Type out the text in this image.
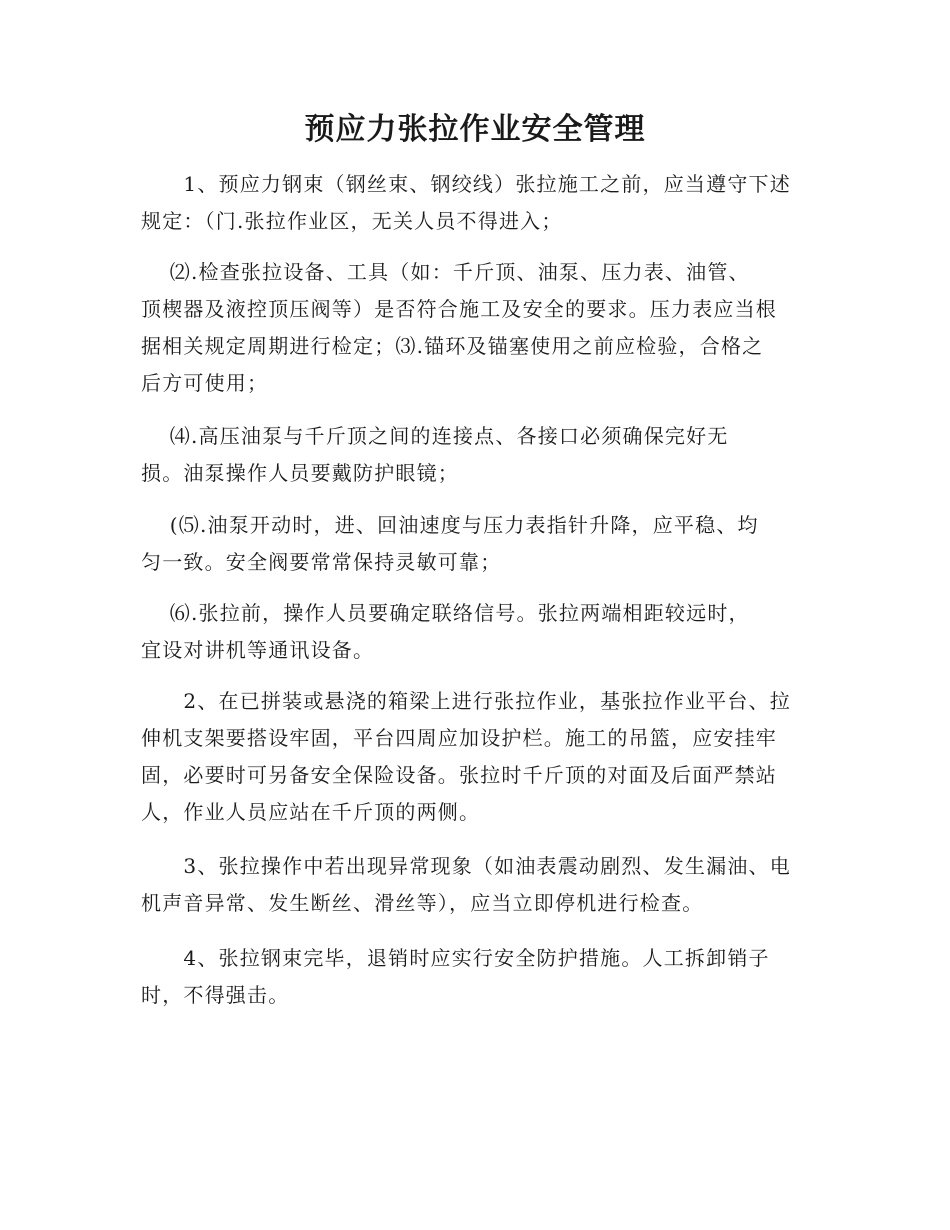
预应力张拉作业安全管理

　　1、预应力钢束（钢丝束、钢绞线）张拉施工之前，应当遵守下述
规定：（门.张拉作业区，无关人员不得进入；

　 ⑵.检查张拉设备、工具（如：千斤顶、油泵、压力表、油管、
顶楔器及液控顶压阀等）是否符合施工及安全的要求。压力表应当根
据相关规定周期进行检定；⑶.锚环及锚塞使用之前应检验，合格之
后方可使用；

　 ⑷.高压油泵与千斤顶之间的连接点、各接口必须确保完好无
损。油泵操作人员要戴防护眼镜；

　 (⑸.油泵开动时，进、回油速度与压力表指针升降，应平稳、均
匀一致。安全阀要常常保持灵敏可靠；

　 ⑹.张拉前，操作人员要确定联络信号。张拉两端相距较远时，
宜设对讲机等通讯设备。

　　2、在已拼装或悬浇的箱梁上进行张拉作业，基张拉作业平台、拉
伸机支架要搭设牢固，平台四周应加设护栏。施工的吊篮，应安挂牢
固，必要时可另备安全保险设备。张拉时千斤顶的对面及后面严禁站
人，作业人员应站在千斤顶的两侧。

　　3、张拉操作中若出现异常现象（如油表震动剧烈、发生漏油、电
机声音异常、发生断丝、滑丝等），应当立即停机进行检查。

　　4、张拉钢束完毕，退销时应实行安全防护措施。人工拆卸销子
时，不得强击。
